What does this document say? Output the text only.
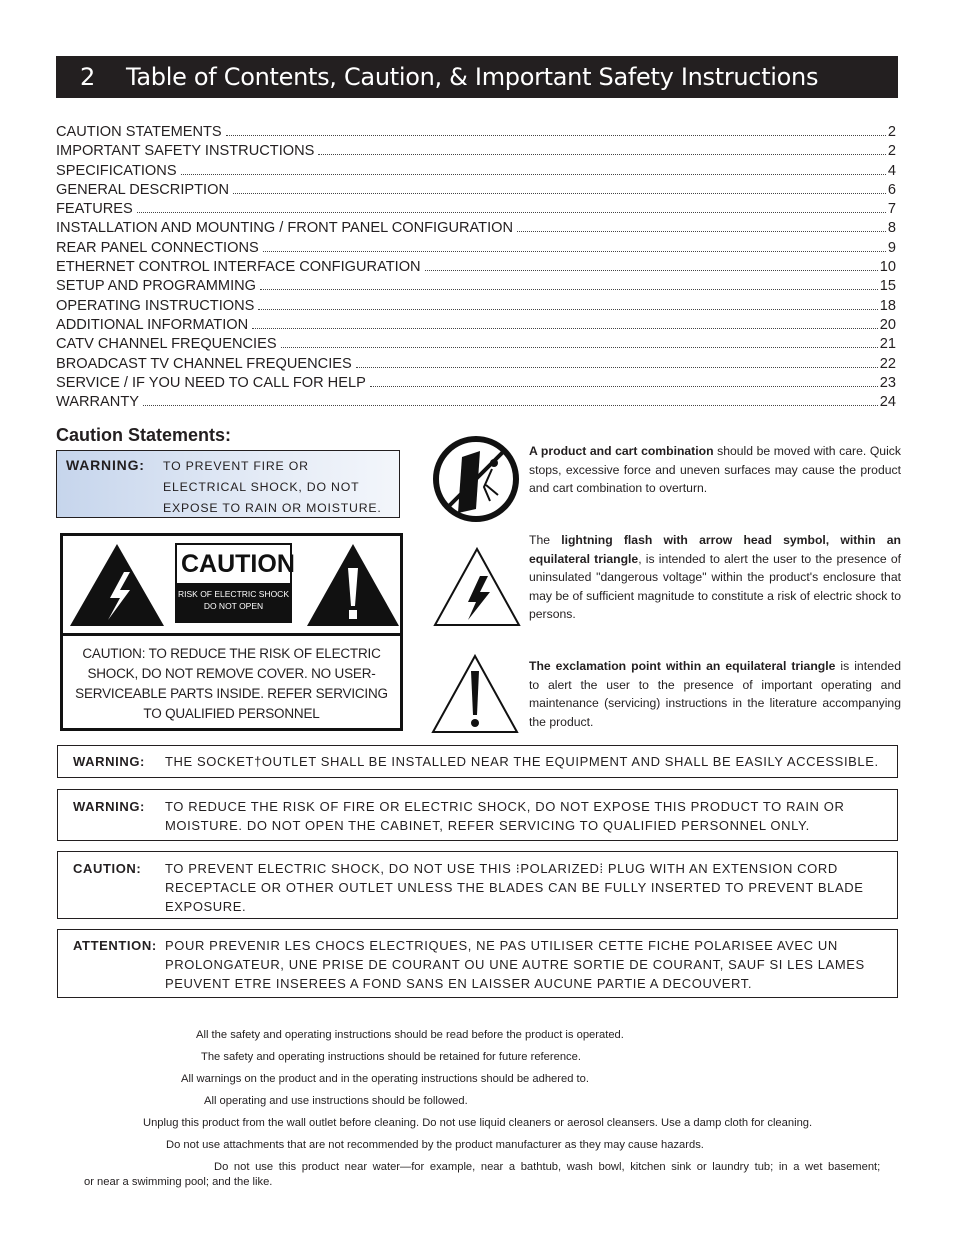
2	Table of Contents, Caution, & Important Safety Instructions
CAUTION STATEMENTS	2
IMPORTANT SAFETY INSTRUCTIONS	2
SPECIFICATIONS	4
GENERAL DESCRIPTION	6
FEATURES	7
INSTALLATION AND MOUNTING / FRONT PANEL CONFIGURATION	8
REAR PANEL CONNECTIONS	9
ETHERNET CONTROL INTERFACE CONFIGURATION	10
SETUP AND PROGRAMMING	15
OPERATING INSTRUCTIONS	18
ADDITIONAL INFORMATION	20
CATV CHANNEL FREQUENCIES	21
BROADCAST TV CHANNEL FREQUENCIES	22
SERVICE / IF YOU NEED TO CALL FOR HELP	23
WARRANTY	24
Caution Statements:
WARNING: TO PREVENT FIRE OR ELECTRICAL SHOCK, DO NOT EXPOSE TO RAIN OR MOISTURE.
CAUTION
RISK OF ELECTRIC SHOCK
DO NOT OPEN
CAUTION: TO REDUCE THE RISK OF ELECTRIC
SHOCK, DO NOT REMOVE COVER. NO USER-
SERVICEABLE PARTS INSIDE. REFER SERVICING
TO QUALIFIED PERSONNEL
A product and cart combination should be moved with care. Quick stops, excessive force and uneven surfaces may cause the product and cart combination to overturn.
The lightning flash with arrow head symbol, within an equilateral triangle, is intended to alert the user to the presence of uninsulated "dangerous voltage" within the product's enclosure that may be of sufficient magnitude to constitute a risk of electric shock to persons.
The exclamation point within an equilateral triangle is intended to alert the user to the presence of important operating and maintenance (servicing) instructions in the literature accompanying the product.
WARNING: THE SOCKET†OUTLET SHALL BE INSTALLED NEAR THE EQUIPMENT AND SHALL BE EASILY ACCESSIBLE.
WARNING: TO REDUCE THE RISK OF FIRE OR ELECTRIC SHOCK, DO NOT EXPOSE THIS PRODUCT TO RAIN OR MOISTURE. DO NOT OPEN THE CABINET, REFER SERVICING TO QUALIFIED PERSONNEL ONLY.
CAUTION: TO PREVENT ELECTRIC SHOCK, DO NOT USE THIS ⁝POLARIZED⁞ PLUG WITH AN EXTENSION CORD RECEPTACLE OR OTHER OUTLET UNLESS THE BLADES CAN BE FULLY INSERTED TO PREVENT BLADE EXPOSURE.
ATTENTION: POUR PREVENIR LES CHOCS ELECTRIQUES, NE PAS UTILISER CETTE FICHE POLARISEE AVEC UN PROLONGATEUR, UNE PRISE DE COURANT OU UNE AUTRE SORTIE DE COURANT, SAUF SI LES LAMES PEUVENT ETRE INSEREES A FOND SANS EN LAISSER AUCUNE PARTIE A DECOUVERT.
All the safety and operating instructions should be read before the product is operated.
The safety and operating instructions should be retained for future reference.
All warnings on the product and in the operating instructions should be adhered to.
All operating and use instructions should be followed.
Unplug this product from the wall outlet before cleaning. Do not use liquid cleaners or aerosol cleansers. Use a damp cloth for cleaning.
Do not use attachments that are not recommended by the product manufacturer as they may cause hazards.
Do not use this product near water—for example, near a bathtub, wash bowl, kitchen sink or laundry tub; in a wet basement;
or near a swimming pool; and the like.
